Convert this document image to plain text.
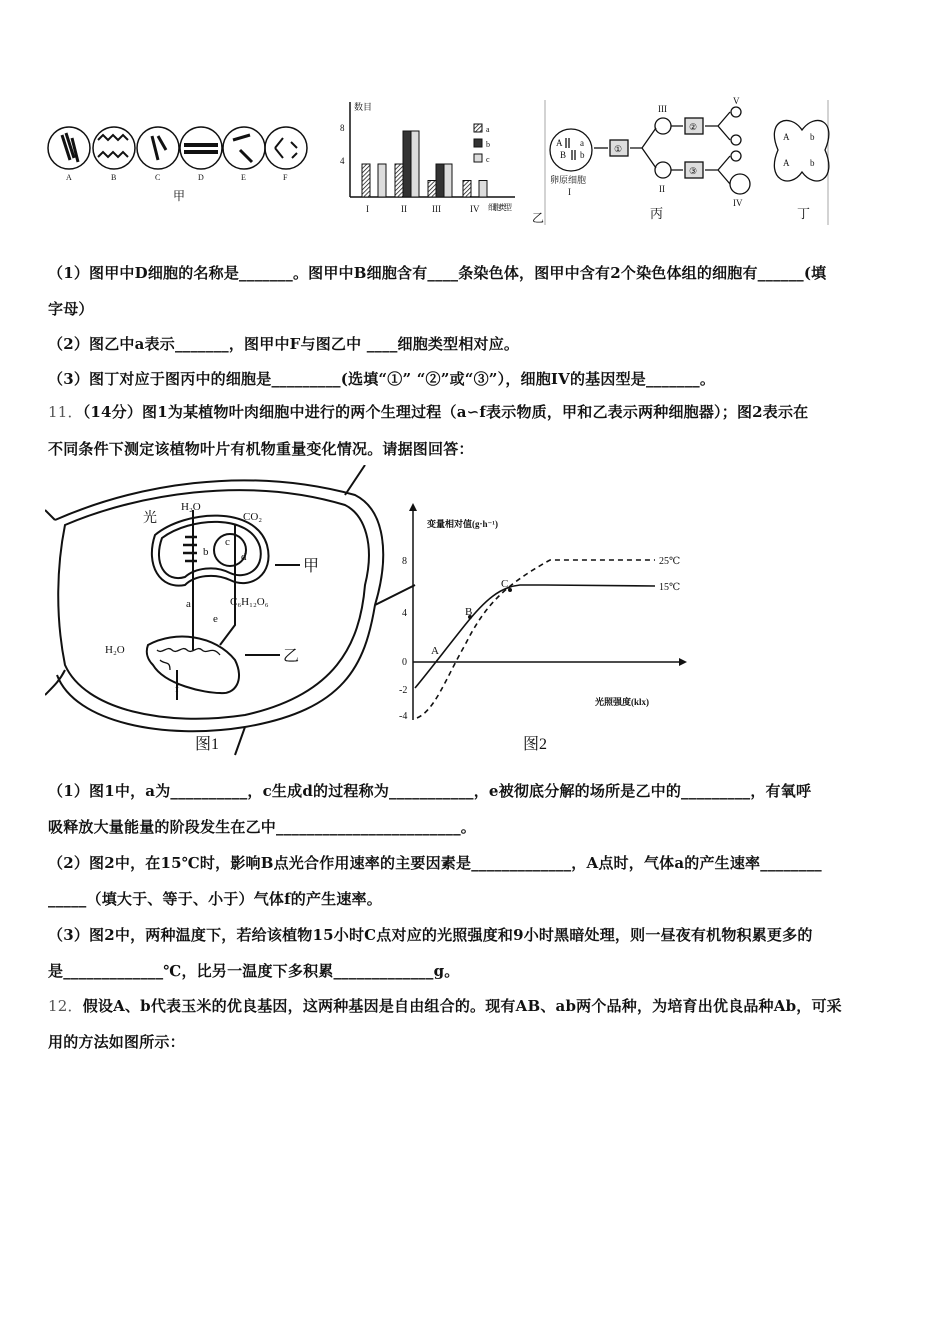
A	B	C	D	E	F
甲
数目
8
4
I	II	III	IV 细胞类型
a
b
c
乙
A a
B b
卵原细胞
I
①
②
③
III
II
IV
V
A b
A b
丙	丁
（1）图甲中D细胞的名称是_______。图甲中B细胞含有____条染色体，图甲中含有2个染色体组的细胞有______(填
字母）
（2）图乙中a表示_______，图甲中F与图乙中 ____细胞类型相对应。
（3）图丁对应于图丙中的细胞是_________(选填“①” “②”或“③”），细胞IV的基因型是_______。
11．（14分）图1为某植物叶肉细胞中进行的两个生理过程（a∽f表示物质，甲和乙表示两种细胞器）；图2表示在
不同条件下测定该植物叶片有机物重量变化情况。请据图回答：
光
H₂O
CO₂
b
c
d
甲
a	C₆H₁₂O₆
e
H₂O	乙
f
图1
变量相对值(g·h⁻¹)
8
4
0
-2
-4
A
B
C
25℃
15℃
光照强度(klx)
图2
（1）图1中，a为__________，c生成d的过程称为___________，e被彻底分解的场所是乙中的_________，有氧呼
吸释放大量能量的阶段发生在乙中________________________。
（2）图2中，在15℃时，影响B点光合作用速率的主要因素是_____________，A点时，气体a的产生速率________
_____（填大于、等于、小于）气体f的产生速率。
（3）图2中，两种温度下，若给该植物15小时C点对应的光照强度和9小时黑暗处理，则一昼夜有机物积累更多的
是_____________℃，比另一温度下多积累_____________g。
12．假设A、b代表玉米的优良基因，这两种基因是自由组合的。现有AB、ab两个品种，为培育出优良品种Ab，可采
用的方法如图所示：
